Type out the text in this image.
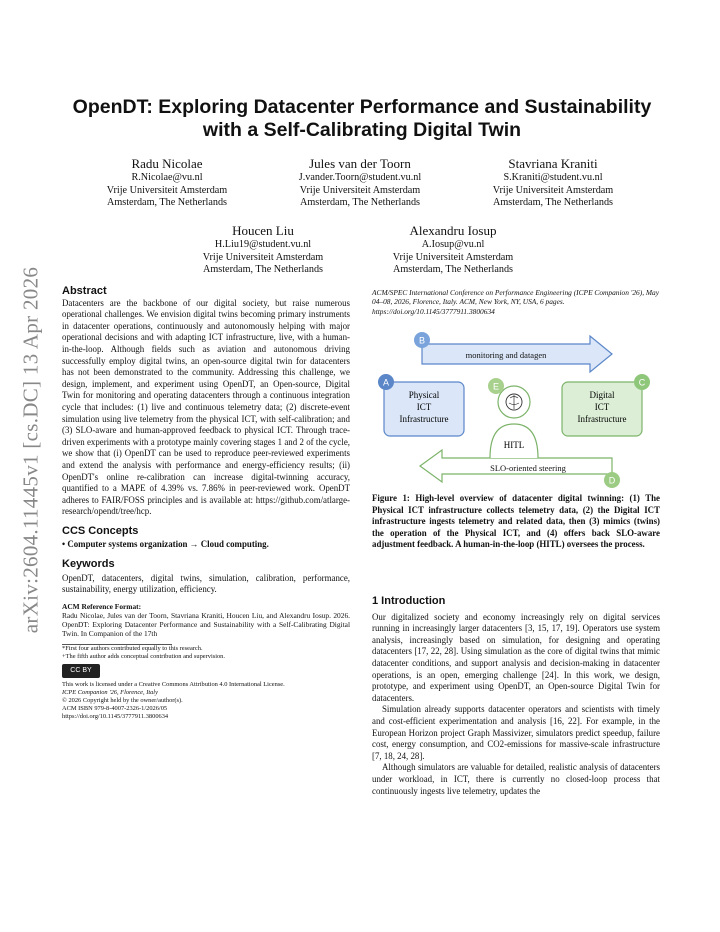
arXiv:2604.11445v1 [cs.DC] 13 Apr 2026
OpenDT: Exploring Datacenter Performance and Sustainability with a Self-Calibrating Digital Twin
Radu Nicolae
R.Nicolae@vu.nl
Vrije Universiteit Amsterdam
Amsterdam, The Netherlands
Jules van der Toorn
J.vander.Toorn@student.vu.nl
Vrije Universiteit Amsterdam
Amsterdam, The Netherlands
Stavriana Kraniti
S.Kraniti@student.vu.nl
Vrije Universiteit Amsterdam
Amsterdam, The Netherlands
Houcen Liu
H.Liu19@student.vu.nl
Vrije Universiteit Amsterdam
Amsterdam, The Netherlands
Alexandru Iosup
A.Iosup@vu.nl
Vrije Universiteit Amsterdam
Amsterdam, The Netherlands

Abstract

Datacenters are the backbone of our digital society, but raise numerous operational challenges. We envision digital twins becoming primary instruments in datacenter operations, continuously and autonomously helping with major operational decisions and with adapting ICT infrastructure, live, with a human-in-the-loop. Although fields such as aviation and autonomous driving successfully employ digital twins, an open-source digital twin for datacenters has not been demonstrated to the community. Addressing this challenge, we design, implement, and experiment using OpenDT, an Open-source, Digital Twin for monitoring and operating datacenters through a continuous integration cycle that includes: (1) live and continuous telemetry data; (2) discrete-event simulation using live telemetry from the physical ICT, with self-calibration; and (3) SLO-aware and human-approved feedback to physical ICT. Through trace-driven experiments with a prototype mainly covering stages 1 and 2 of the cycle, we show that (i) OpenDT can be used to reproduce peer-reviewed experiments and extend the analysis with performance and energy-efficiency results; (ii) OpenDT's online re-calibration can increase digital-twinning accuracy, quantified to a MAPE of 4.39% vs. 7.86% in peer-reviewed work. OpenDT adheres to FAIR/FOSS principles and is available at: https://github.com/atlarge-research/opendt/tree/hcp.

CCS Concepts

• Computer systems organization → Cloud computing.

Keywords

OpenDT, datacenters, digital twins, simulation, calibration, performance, sustainability, energy utilization, efficiency.

ACM Reference Format:

Radu Nicolae, Jules van der Toorn, Stavriana Kraniti, Houcen Liu, and Alexandru Iosup. 2026. OpenDT: Exploring Datacenter Performance and Sustainability with a Self-Calibrating Digital Twin. In Companion of the 17th

*First four authors contributed equally to this research.

+The fifth author adds conceptual contribution and supervision.

CC BY

This work is licensed under a Creative Commons Attribution 4.0 International License.

ICPE Companion '26, Florence, Italy

© 2026 Copyright held by the owner/author(s).

ACM ISBN 979-8-4007-2326-1/2026/05

https://doi.org/10.1145/3777911.3800634

ACM/SPEC International Conference on Performance Engineering (ICPE Companion '26), May 04–08, 2026, Florence, Italy. ACM, New York, NY, USA, 6 pages. https://doi.org/10.1145/3777911.3800634
monitoring and datagen
SLO-oriented steering
Physical
ICT
Infrastructure
Digital
ICT
Infrastructure
HITL
A
B
C
D
E
Figure 1: High-level overview of datacenter digital twinning: (1) The Physical ICT infrastructure collects telemetry data, (2) the Digital ICT infrastructure ingests telemetry and related data, then (3) mimics (twins) the operation of the Physical ICT, and (4) offers back SLO-aware adjustment feedback. A human-in-the-loop (HITL) oversees the process.

1 Introduction

Our digitalized society and economy increasingly rely on digital services running in increasingly larger datacenters [3, 15, 17, 19]. Operators use system analysis, increasingly based on simulation, for designing and operating datacenters [17, 22, 28]. Using simulation as the core of digital twins that mimic datacenter conditions, and support analysis and decision-making in datacenter operations, is an open, emerging challenge [24]. In this work, we design, prototype, and experiment using OpenDT, an Open-source Digital Twin for datacenters.

Simulation already supports datacenter operators and scientists with timely and cost-efficient experimentation and analysis [16, 22]. For example, in the European Horizon project Graph Massivizer, simulators predict speedup, failure cost, energy consumption, and CO2-emissions for massive-scale infrastructure [7, 18, 24, 28].

Although simulators are valuable for detailed, realistic analysis of datacenters under workload, in ICT, there is currently no closed-loop process that continuously ingests live telemetry, updates the
